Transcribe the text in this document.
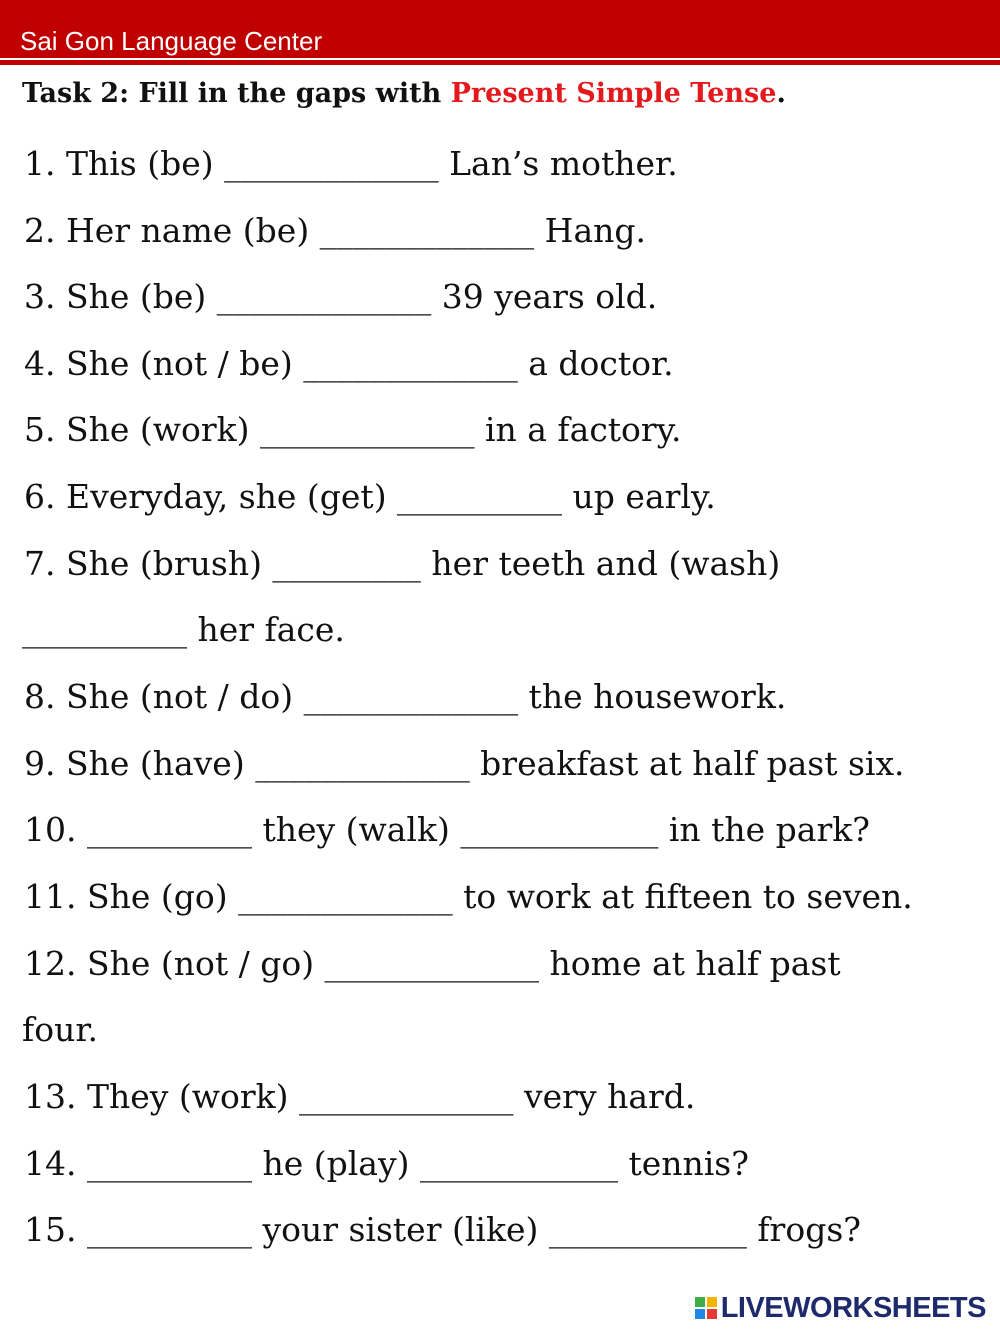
Sai Gon Language Center
Task 2: Fill in the gaps with Present Simple Tense.
1. This (be) _____________ Lan’s mother.
2. Her name (be) _____________ Hang.
3. She (be) _____________ 39 years old.
4. She (not / be) _____________ a doctor.
5. She (work) _____________ in a factory.
6. Everyday, she (get) __________ up early.
7. She (brush) _________ her teeth and (wash)
__________ her face.
8. She (not / do) _____________ the housework.
9. She (have) _____________ breakfast at half past six.
10. __________ they (walk) ____________ in the park?
11. She (go) _____________ to work at fifteen to seven.
12. She (not / go) _____________ home at half past
four.
13. They (work) _____________ very hard.
14. __________ he (play) ____________ tennis?
15. __________ your sister (like) ____________ frogs?
LIVEWORKSHEETS
